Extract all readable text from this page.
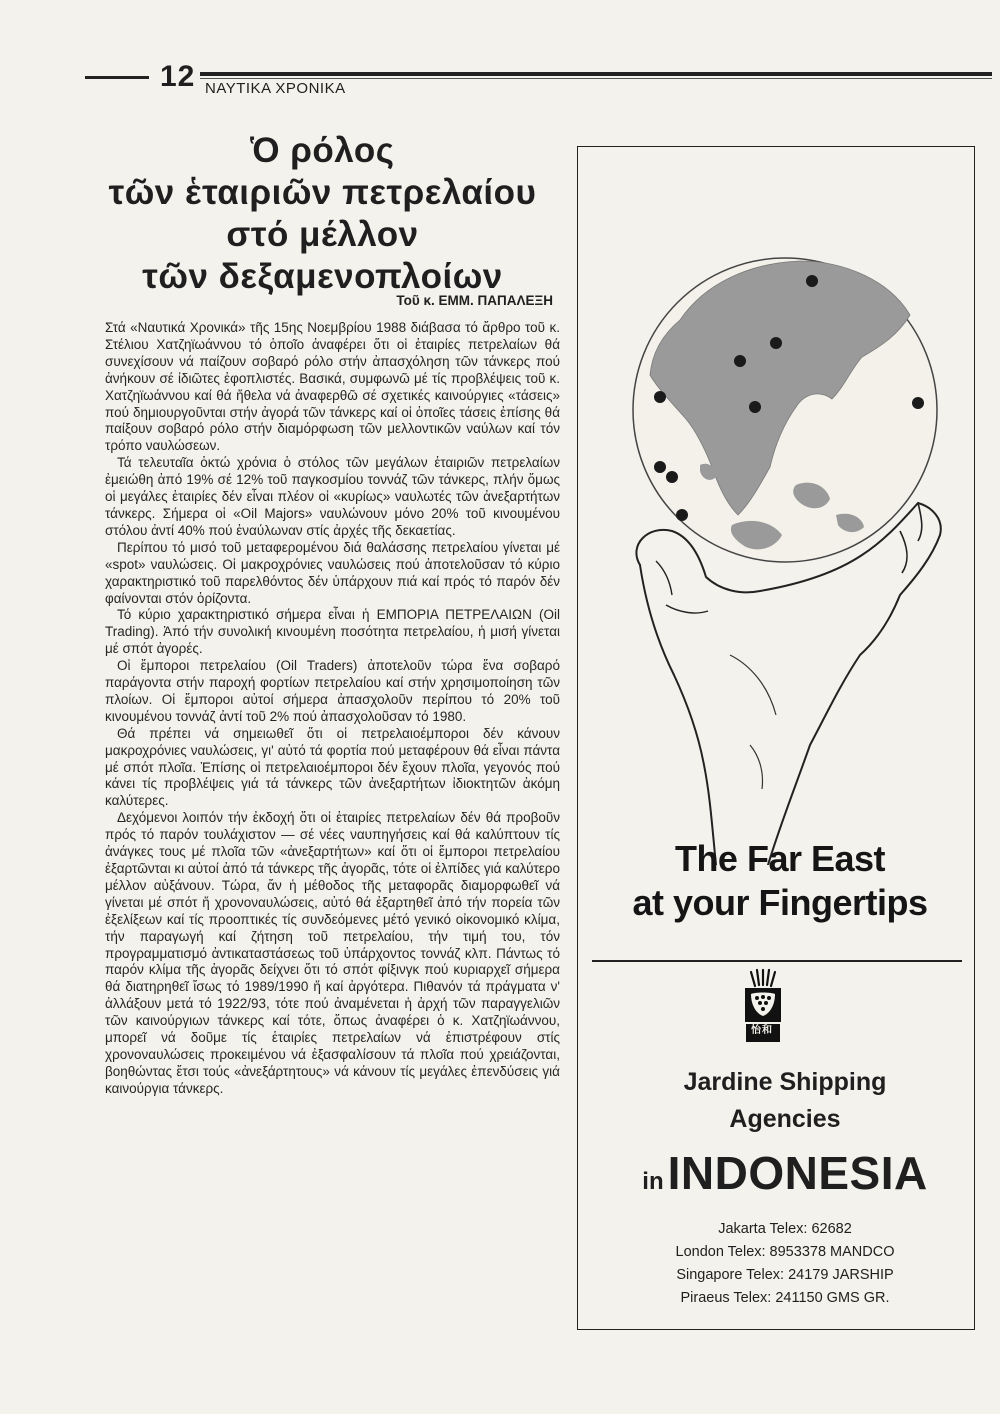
12 ΝΑΥΤΙΚΑ ΧΡΟΝΙΚΑ
Ὁ ρόλος
τῶν ἑταιριῶν πετρελαίου
στό μέλλον
τῶν δεξαμενοπλοίων
Τοῦ κ. ΕΜΜ. ΠΑΠΑΛΕΞΗ

Στά «Ναυτικά Χρονικά» τῆς 15ης Νοεμβρίου 1988 διάβασα τό ἄρθρο τοῦ κ. Στέλιου Χατζηϊωάννου τό ὁποῖο ἀναφέρει ὅτι οἱ ἑταιρίες πετρελαίων θά συνεχίσουν νά παίζουν σοβαρό ρόλο στήν ἀπασχόληση τῶν τάνκερς πού ἀνήκουν σέ ἰδιῶτες ἐφοπλιστές. Βασικά, συμφωνῶ μέ τίς προβλέψεις τοῦ κ. Χατζηϊωάννου καί θά ἤθελα νά ἀναφερθῶ σέ σχετικές καινούργιες «τάσεις» πού δημιουργοῦνται στήν ἀγορά τῶν τάνκερς καί οἱ ὁποῖες τάσεις ἐπίσης θά παίξουν σοβαρό ρόλο στήν διαμόρφωση τῶν μελλοντικῶν ναύλων καί τόν τρόπο ναυλώσεων.

Τά τελευταῖα ὀκτώ χρόνια ὁ στόλος τῶν μεγάλων ἑταιριῶν πετρελαίων ἐμειώθη ἀπό 19% σέ 12% τοῦ παγκοσμίου τοννάζ τῶν τάνκερς, πλήν ὅμως οἱ μεγάλες ἑταιρίες δέν εἶναι πλέον οἱ «κυρίως» ναυλωτές τῶν ἀνεξαρτήτων τάνκερς. Σήμερα οἱ «Oil Majors» ναυλώνουν μόνο 20% τοῦ κινουμένου στόλου ἀντί 40% πού ἐναύλωναν στίς ἀρχές τῆς δεκαετίας.

Περίπου τό μισό τοῦ μεταφερομένου διά θαλάσσης πετρελαίου γίνεται μέ «spot» ναυλώσεις. Οἱ μακροχρόνιες ναυλώσεις πού ἀποτελοῦσαν τό κύριο χαρακτηριστικό τοῦ παρελθόντος δέν ὑπάρχουν πιά καί πρός τό παρόν δέν φαίνονται στόν ὁρίζοντα.

Τό κύριο χαρακτηριστικό σήμερα εἶναι ἡ ΕΜΠΟΡΙΑ ΠΕΤΡΕΛΑΙΩΝ (Oil Trading). Ἀπό τήν συνολική κινουμένη ποσότητα πετρελαίου, ἡ μισή γίνεται μέ σπότ ἀγορές.

Οἱ ἔμποροι πετρελαίου (Oil Traders) ἀποτελοῦν τώρα ἕνα σοβαρό παράγοντα στήν παροχή φορτίων πετρελαίου καί στήν χρησιμοποίηση τῶν πλοίων. Οἱ ἔμποροι αὐτοί σήμερα ἀπασχολοῦν περίπου τό 20% τοῦ κινουμένου τοννάζ ἀντί τοῦ 2% πού ἀπασχολοῦσαν τό 1980.

Θά πρέπει νά σημειωθεῖ ὅτι οἱ πετρελαιοέμποροι δέν κάνουν μακροχρόνιες ναυλώσεις, γι' αὐτό τά φορτία πού μεταφέρουν θά εἶναι πάντα μέ σπότ πλοῖα. Ἐπίσης οἱ πετρελαιοέμποροι δέν ἔχουν πλοῖα, γεγονός πού κάνει τίς προβλέψεις γιά τά τάνκερς τῶν ἀνεξαρτήτων ἰδιοκτητῶν ἀκόμη καλύτερες.

Δεχόμενοι λοιπόν τήν ἐκδοχή ὅτι οἱ ἑταιρίες πετρελαίων δέν θά προβοῦν πρός τό παρόν τουλάχιστον — σέ νέες ναυπηγήσεις καί θά καλύπτουν τίς ἀνάγκες τους μέ πλοῖα τῶν «ἀνεξαρτήτων» καί ὅτι οἱ ἔμποροι πετρελαίου ἐξαρτῶνται κι αὐτοί ἀπό τά τάνκερς τῆς ἀγορᾶς, τότε οἱ ἐλπίδες γιά καλύτερο μέλλον αὐξάνουν. Τώρα, ἄν ἡ μέθοδος τῆς μεταφορᾶς διαμορφωθεῖ νά γίνεται μέ σπότ ἤ χρονοναυλώσεις, αὐτό θά ἐξαρτηθεῖ ἀπό τήν πορεία τῶν ἐξελίξεων καί τίς προοπτικές τίς συνδεόμενες μέτό γενικό οἰκονομικό κλίμα, τήν παραγωγή καί ζήτηση τοῦ πετρελαίου, τήν τιμή του, τόν προγραμματισμό ἀντικαταστάσεως τοῦ ὑπάρχοντος τοννάζ κλπ. Πάντως τό παρόν κλίμα τῆς ἀγορᾶς δείχνει ὅτι τό σπότ φίξινγκ πού κυριαρχεῖ σήμερα θά διατηρηθεῖ ἴσως τό 1989/1990 ἤ καί ἀργότερα. Πιθανόν τά πράγματα ν' ἀλλάξουν μετά τό 1922/93, τότε πού ἀναμένεται ἡ ἀρχή τῶν παραγγελιῶν τῶν καινούργιων τάνκερς καί τότε, ὅπως ἀναφέρει ὁ κ. Χατζηϊωάννου, μπορεῖ νά δοῦμε τίς ἑταιρίες πετρελαίων νά ἐπιστρέφουν στίς χρονοναυλώσεις προκειμένου νά ἐξασφαλίσουν τά πλοῖα πού χρειάζονται, βοηθώντας ἔτσι τούς «ἀνεξάρτητους» νά κάνουν τίς μεγάλες ἐπενδύσεις γιά καινούργια τάνκερς.

The Far East
at your Fingertips
怡和
Jardine Shipping
Agencies
inINDONESIA
Jakarta Telex: 62682
London Telex: 8953378 MANDCO
Singapore Telex: 24179 JARSHIP
Piraeus Telex: 241150 GMS GR.
